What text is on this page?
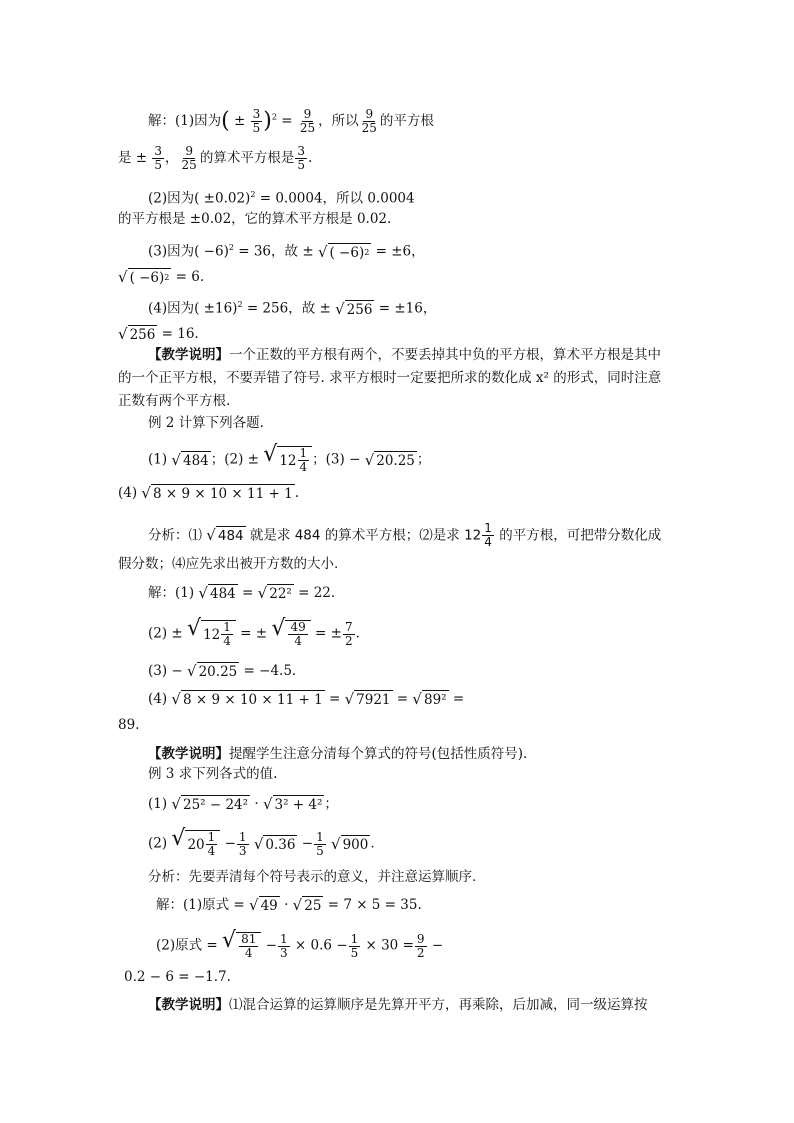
解：(1)因为( ± $\frac{3}{5} )^2 = \frac{9}{25}$ ，所以 $\frac{9}{25}$ 的平方根
是 ± $\frac{3}{5}$ ， $\frac{9}{25}$ 的算术平方根是 $\frac{3}{5}$ .
(2)因为( ±0.02)$^2$ = 0.0004，所以 0.0004
的平方根是 ±0.02，它的算术平方根是 0.02.
(3)因为( −6)$^2$ = 36，故 ± √ ( −6) 2 = ±6，
√ ( −6) 2 = 6.
(4)因为( ±16)$^2$ = 256，故 ± √ 256 = ±16，
√ 256 = 16.
【教学说明】一个正数的平方根有两个，不要丢掉其中负的平方根，算术平方根是其中
的一个正平方根，不要弄错了符号. 求平方根时一定要把所求的数化成 x² 的形式，同时注意
正数有两个平方根.
例 2 计算下列各题.
(1) √ 484 ；(2) ± √ $12 \frac{1}{4}$ ；(3) − √ 20.25 ；
(4) √ 8 × 9 × 10 × 11 + 1 .
分析：⑴ √ 484 就是求 484 的算术平方根；⑵是求 $12 \frac{1}{4}$ 的平方根，可把带分数化成
假分数；⑷应先求出被开方数的大小.
解：(1) √ 484 = √ 22² = 22.
(2) ± √ $12 \frac{1}{4}$ = ± √ $\frac{49}{4}$ = ± $\frac{7}{2}$ .
(3) − √ 20.25 = −4.5.
(4) √ 8 × 9 × 10 × 11 + 1 = √ 7921 = √ 89² =
89.
【教学说明】提醒学生注意分清每个算式的符号(包括性质符号).
例 3 求下列各式的值.
(1) √ 25² − 24² · √ 3² + 4² ；
(2) √ $20 \frac{1}{4} - \frac{1}{3}$
√ $0.36 - \frac{1}{5}$
√ 900 .
分析：先要弄清每个符号表示的意义，并注意运算顺序.
解：(1)原式 = √ 49 · √ 25 = 7 × 5 = 35.
(2)原式 = √ $\frac{81}{4} - \frac{1}{3} \times 0.6 - \frac{1}{5} \times 30 = \frac{9}{2}$ −
0.2 − 6 = −1.7.
【教学说明】⑴混合运算的运算顺序是先算开平方，再乘除，后加减，同一级运算按
